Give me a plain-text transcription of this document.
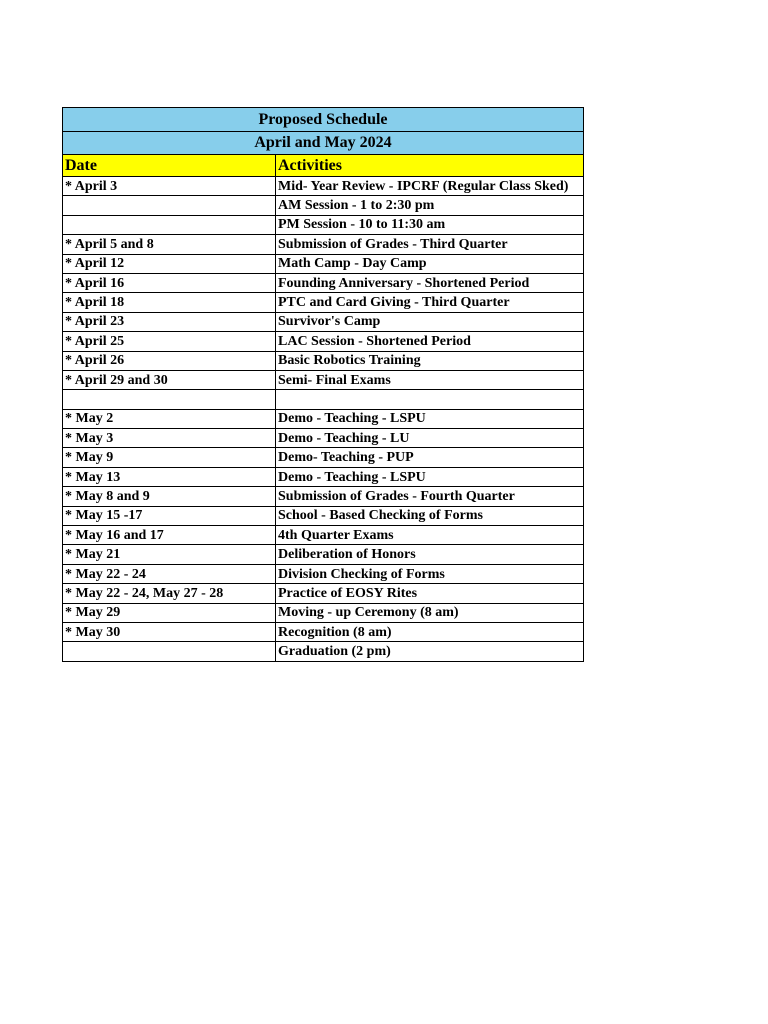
Proposed Schedule	
April and May 2024	
Date	Activities
* April 3	Mid- Year Review - IPCRF (Regular Class Sked)
	AM Session - 1 to 2:30 pm
	PM Session - 10 to 11:30 am
* April 5 and 8	Submission of Grades - Third Quarter
* April 12	Math Camp - Day Camp
* April 16	Founding Anniversary - Shortened Period
* April 18	PTC and Card Giving - Third Quarter
* April 23	Survivor's Camp
* April 25	LAC Session - Shortened Period
* April 26	Basic Robotics Training
* April 29 and 30	Semi- Final Exams

* May 2	Demo - Teaching - LSPU
* May 3	Demo - Teaching - LU
* May 9	Demo- Teaching - PUP
* May 13	Demo - Teaching - LSPU
* May 8 and 9	Submission of Grades - Fourth Quarter
* May 15 -17	School - Based Checking of Forms
* May 16 and 17	4th Quarter Exams
* May 21	Deliberation of Honors
* May 22 - 24	Division Checking of Forms
* May 22 - 24, May 27 - 28	Practice of EOSY Rites
* May 29	Moving - up Ceremony (8 am)
* May 30	Recognition (8 am)
	Graduation (2 pm)
